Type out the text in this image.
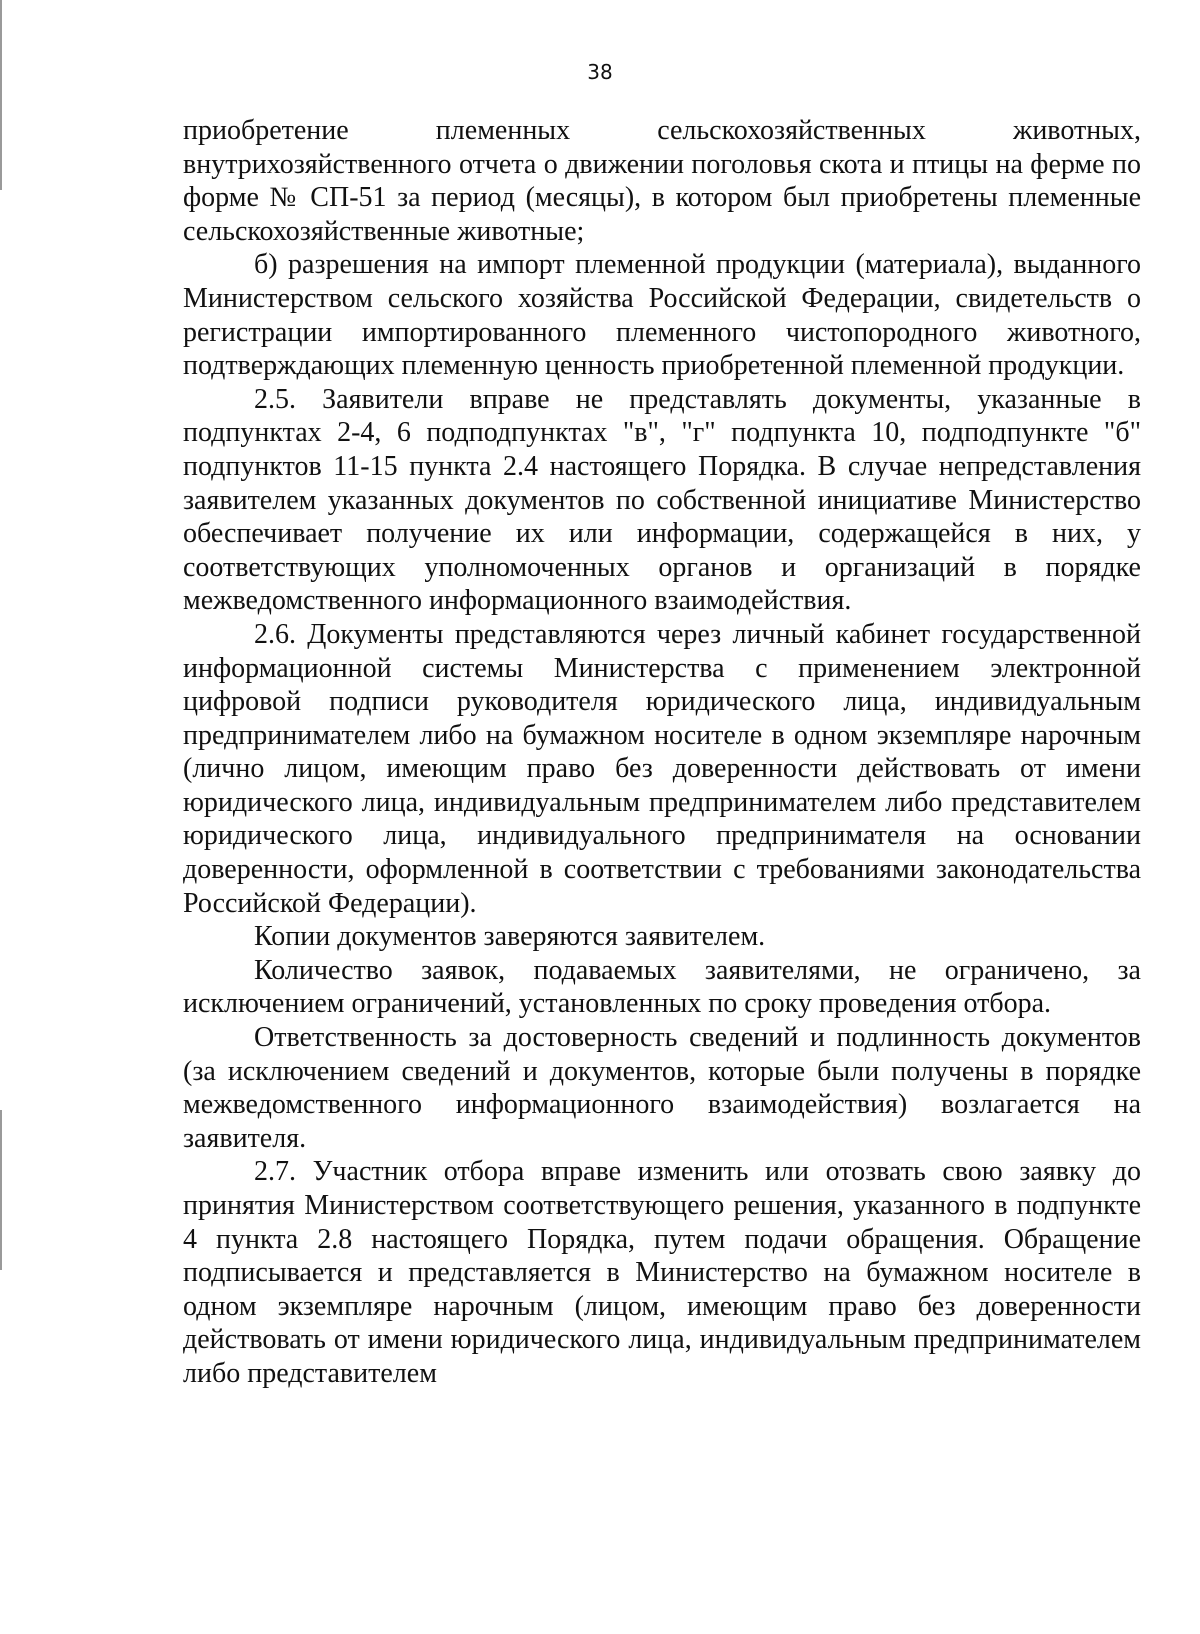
38

приобретение племенных сельскохозяйственных животных, внутрихозяйственного отчета о движении поголовья скота и птицы на ферме по форме № СП-51 за период (месяцы), в котором был приобретены племенные сельскохозяйственные животные;

б) разрешения на импорт племенной продукции (материала), выданного Министерством сельского хозяйства Российской Федерации, свидетельств о регистрации импортированного племенного чистопородного животного, подтверждающих племенную ценность приобретенной племенной продукции.

2.5. Заявители вправе не представлять документы, указанные в подпунктах 2-4, 6 подподпунктах "в", "г" подпункта 10, подподпункте "б" подпунктов 11-15 пункта 2.4 настоящего Порядка. В случае непредставления заявителем указанных документов по собственной инициативе Министерство обеспечивает получение их или информации, содержащейся в них, у соответствующих уполномоченных органов и организаций в порядке межведомственного информационного взаимодействия.

2.6. Документы представляются через личный кабинет государственной информационной системы Министерства с применением электронной цифровой подписи руководителя юридического лица, индивидуальным предпринимателем либо на бумажном носителе в одном экземпляре нарочным (лично лицом, имеющим право без доверенности действовать от имени юридического лица, индивидуальным предпринимателем либо представителем юридического лица, индивидуального предпринимателя на основании доверенности, оформленной в соответствии с требованиями законодательства Российской Федерации).

Копии документов заверяются заявителем.

Количество заявок, подаваемых заявителями, не ограничено, за исключением ограничений, установленных по сроку проведения отбора.

Ответственность за достоверность сведений и подлинность документов (за исключением сведений и документов, которые были получены в порядке межведомственного информационного взаимодействия) возлагается на заявителя.

2.7. Участник отбора вправе изменить или отозвать свою заявку до принятия Министерством соответствующего решения, указанного в подпункте 4 пункта 2.8 настоящего Порядка, путем подачи обращения. Обращение подписывается и представляется в Министерство на бумажном носителе в одном экземпляре нарочным (лицом, имеющим право без доверенности действовать от имени юридического лица, индивидуальным предпринимателем либо представителем
